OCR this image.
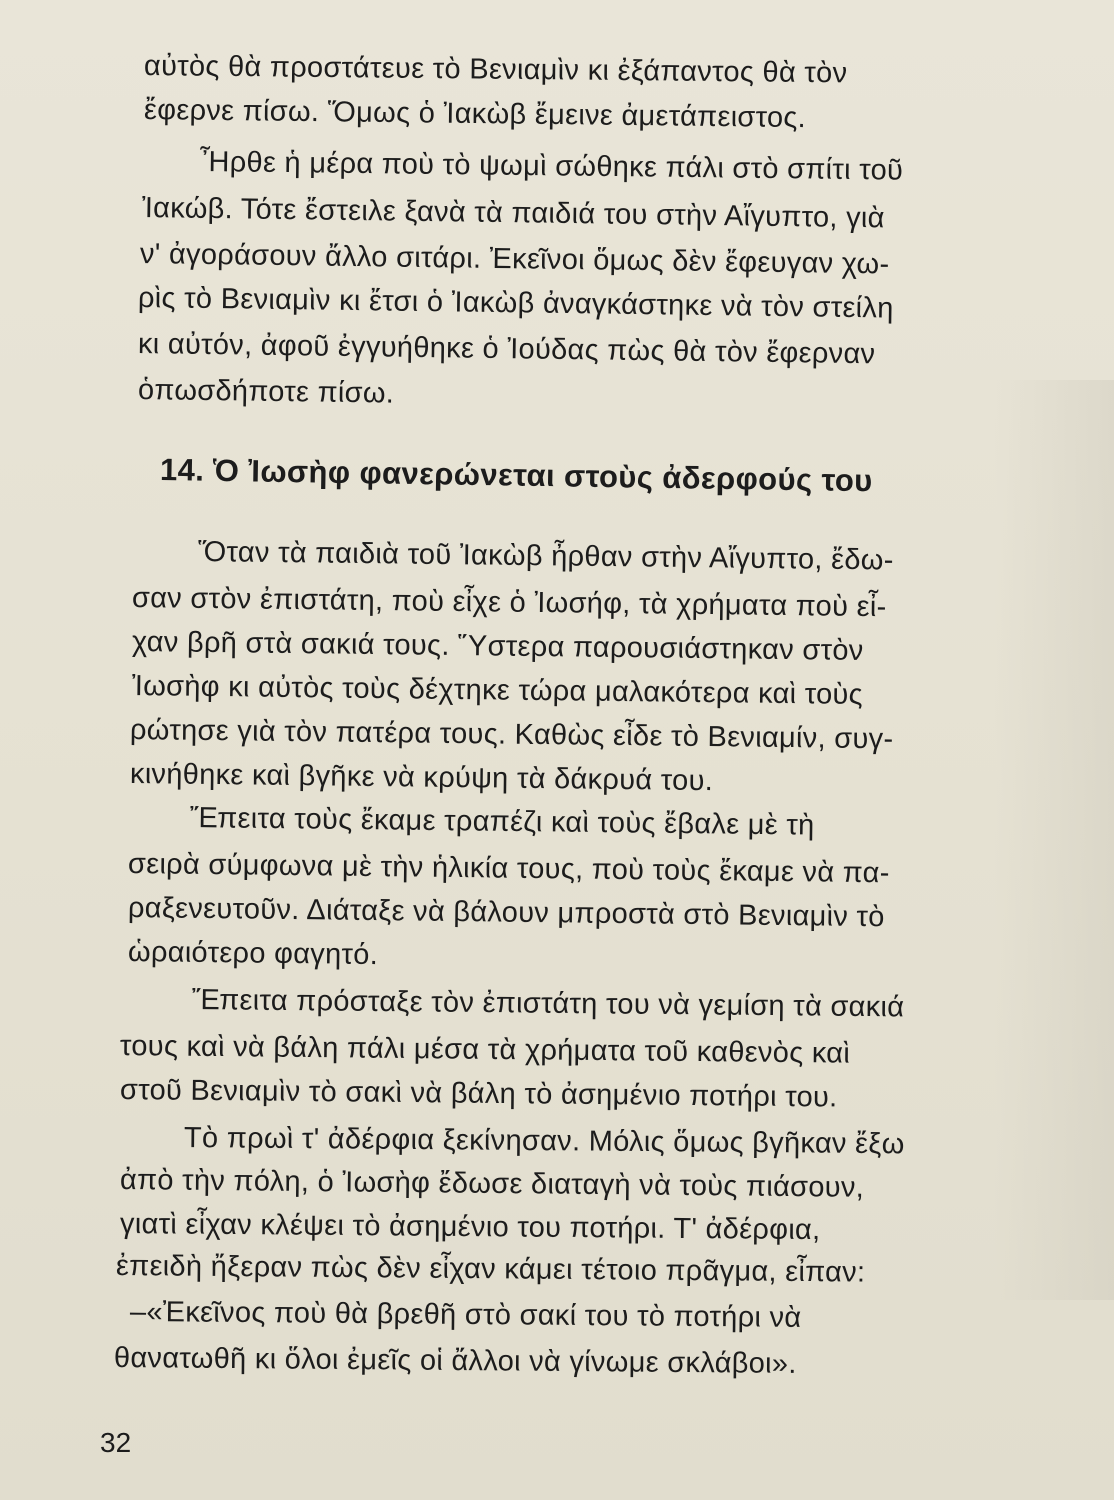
αὐτὸς θὰ προστάτευε τὸ Βενιαμὶν κι ἐξάπαντος θὰ τὸν
ἔφερνε πίσω. Ὅμως ὁ Ἰακὼβ ἔμεινε ἀμετάπειστος.
Ἦρθε ἡ μέρα ποὺ τὸ ψωμὶ σώθηκε πάλι στὸ σπίτι τοῦ
Ἰακώβ. Τότε ἔστειλε ξανὰ τὰ παιδιά του στὴν Αἴγυπτο, γιὰ
ν' ἀγοράσουν ἄλλο σιτάρι. Ἐκεῖνοι ὅμως δὲν ἔφευγαν χω-
ρὶς τὸ Βενιαμὶν κι ἔτσι ὁ Ἰακὼβ ἀναγκάστηκε νὰ τὸν στείλη
κι αὐτόν, ἀφοῦ ἐγγυήθηκε ὁ Ἰούδας πὼς θὰ τὸν ἔφερναν
ὁπωσδήποτε πίσω.
14. Ὁ Ἰωσὴφ φανερώνεται στοὺς ἀδερφούς του
Ὅταν τὰ παιδιὰ τοῦ Ἰακὼβ ἦρθαν στὴν Αἴγυπτο, ἔδω-
σαν στὸν ἐπιστάτη, ποὺ εἶχε ὁ Ἰωσήφ, τὰ χρήματα ποὺ εἶ-
χαν βρῆ στὰ σακιά τους. Ὕστερα παρουσιάστηκαν στὸν
Ἰωσὴφ κι αὐτὸς τοὺς δέχτηκε τώρα μαλακότερα καὶ τοὺς
ρώτησε γιὰ τὸν πατέρα τους. Καθὼς εἶδε τὸ Βενιαμίν, συγ-
κινήθηκε καὶ βγῆκε νὰ κρύψη τὰ δάκρυά του.
Ἔπειτα τοὺς ἔκαμε τραπέζι καὶ τοὺς ἔβαλε μὲ τὴ
σειρὰ σύμφωνα μὲ τὴν ἡλικία τους, ποὺ τοὺς ἔκαμε νὰ πα-
ραξενευτοῦν. Διάταξε νὰ βάλουν μπροστὰ στὸ Βενιαμὶν τὸ
ὡραιότερο φαγητό.
Ἔπειτα πρόσταξε τὸν ἐπιστάτη του νὰ γεμίση τὰ σακιά
τους καὶ νὰ βάλη πάλι μέσα τὰ χρήματα τοῦ καθενὸς καὶ
στοῦ Βενιαμὶν τὸ σακὶ νὰ βάλη τὸ ἀσημένιο ποτήρι του.
Τὸ πρωὶ τ' ἀδέρφια ξεκίνησαν. Μόλις ὅμως βγῆκαν ἔξω
ἀπὸ τὴν πόλη, ὁ Ἰωσὴφ ἔδωσε διαταγὴ νὰ τοὺς πιάσουν,
γιατὶ εἶχαν κλέψει τὸ ἀσημένιο του ποτήρι. Τ' ἀδέρφια,
ἐπειδὴ ἤξεραν πὼς δὲν εἶχαν κάμει τέτοιο πρᾶγμα, εἶπαν:
–«Ἐκεῖνος ποὺ θὰ βρεθῆ στὸ σακί του τὸ ποτήρι νὰ
θανατωθῆ κι ὅλοι ἐμεῖς οἱ ἄλλοι νὰ γίνωμε σκλάβοι».
32
